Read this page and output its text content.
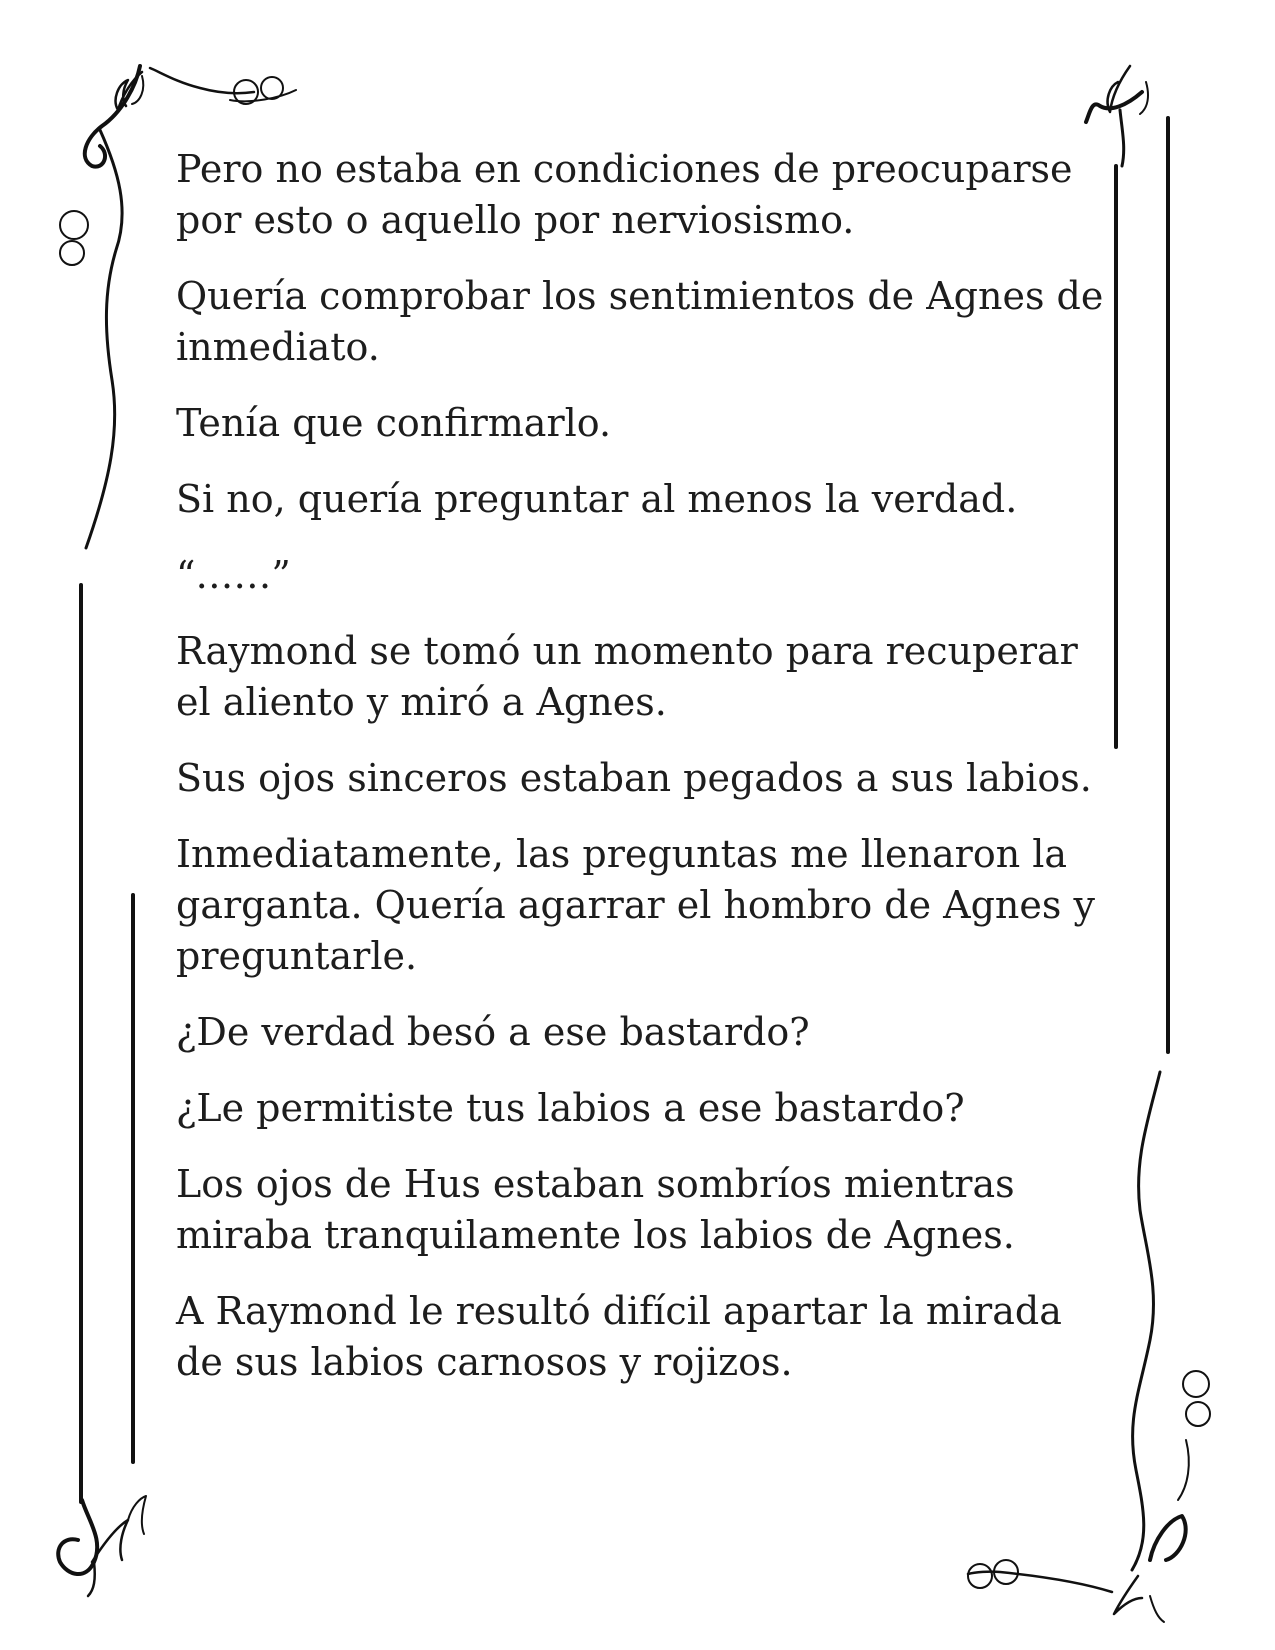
Pero no estaba en condiciones de preocuparse por esto o aquello por nerviosismo.

Quería comprobar los sentimientos de Agnes de inmediato.

Tenía que confirmarlo.

Si no, quería preguntar al menos la verdad.

“……”

Raymond se tomó un momento para recuperar el aliento y miró a Agnes.

Sus ojos sinceros estaban pegados a sus labios.

Inmediatamente, las preguntas me llenaron la garganta. Quería agarrar el hombro de Agnes y preguntarle.

¿De verdad besó a ese bastardo?

¿Le permitiste tus labios a ese bastardo?

Los ojos de Hus estaban sombríos mientras miraba tranquilamente los labios de Agnes.

A Raymond le resultó difícil apartar la mirada de sus labios carnosos y rojizos.
